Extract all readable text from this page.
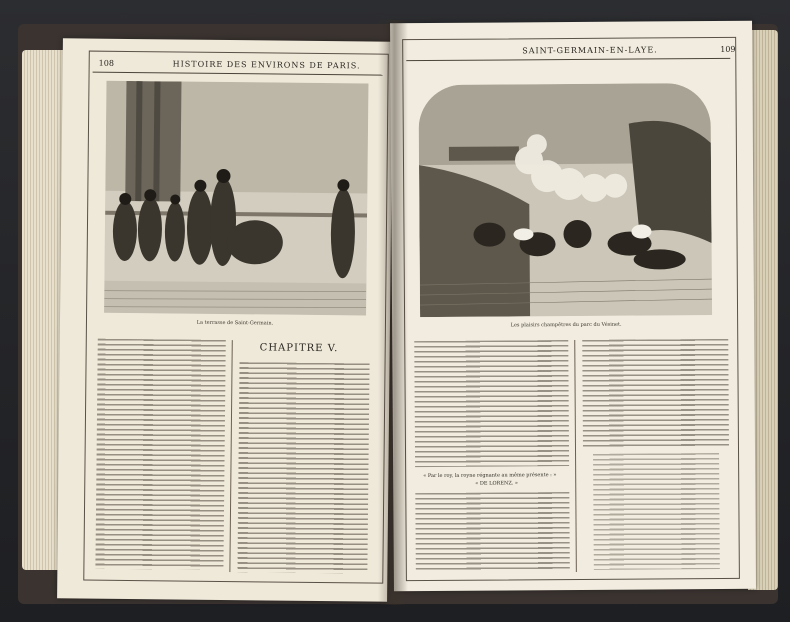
108	HISTOIRE DES ENVIRONS DE PARIS.
La terrasse de Saint-Germain.
CHAPITRE V.
SAINT-GERMAIN-EN-LAYE.	109
Les plaisirs champêtres du parc du Vésinet.
« Par le roy, la royne régnante au même présente : »
« DE LORENZ. »
